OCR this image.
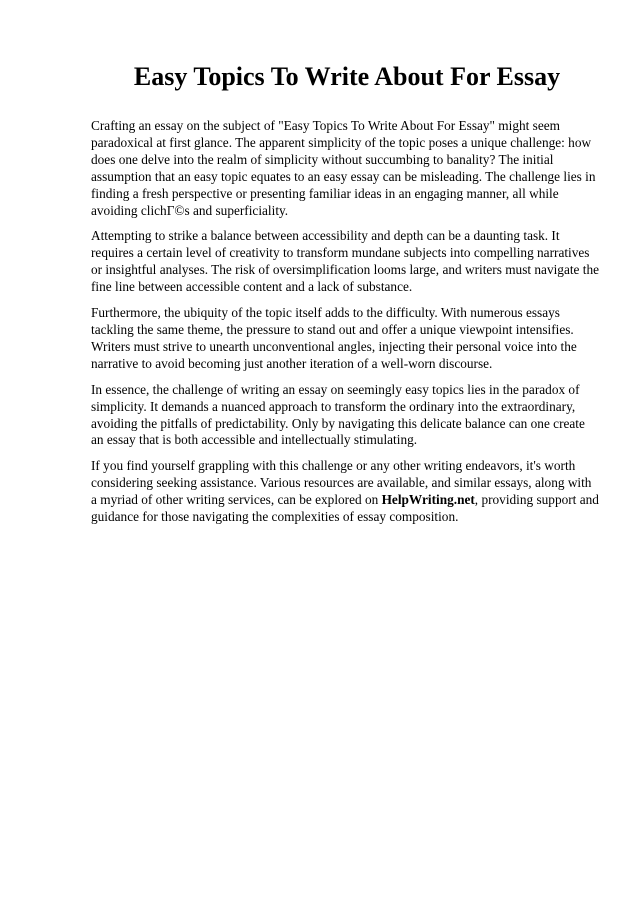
Easy Topics To Write About For Essay

Crafting an essay on the subject of "Easy Topics To Write About For Essay" might seem paradoxical at first glance. The apparent simplicity of the topic poses a unique challenge: how does one delve into the realm of simplicity without succumbing to banality? The initial assumption that an easy topic equates to an easy essay can be misleading. The challenge lies in finding a fresh perspective or presenting familiar ideas in an engaging manner, all while avoiding clichГ©s and superficiality.

Attempting to strike a balance between accessibility and depth can be a daunting task. It requires a certain level of creativity to transform mundane subjects into compelling narratives or insightful analyses. The risk of oversimplification looms large, and writers must navigate the fine line between accessible content and a lack of substance.

Furthermore, the ubiquity of the topic itself adds to the difficulty. With numerous essays tackling the same theme, the pressure to stand out and offer a unique viewpoint intensifies. Writers must strive to unearth unconventional angles, injecting their personal voice into the narrative to avoid becoming just another iteration of a well-worn discourse.

In essence, the challenge of writing an essay on seemingly easy topics lies in the paradox of simplicity. It demands a nuanced approach to transform the ordinary into the extraordinary, avoiding the pitfalls of predictability. Only by navigating this delicate balance can one create an essay that is both accessible and intellectually stimulating.

If you find yourself grappling with this challenge or any other writing endeavors, it's worth considering seeking assistance. Various resources are available, and similar essays, along with a myriad of other writing services, can be explored on HelpWriting.net, providing support and guidance for those navigating the complexities of essay composition.
